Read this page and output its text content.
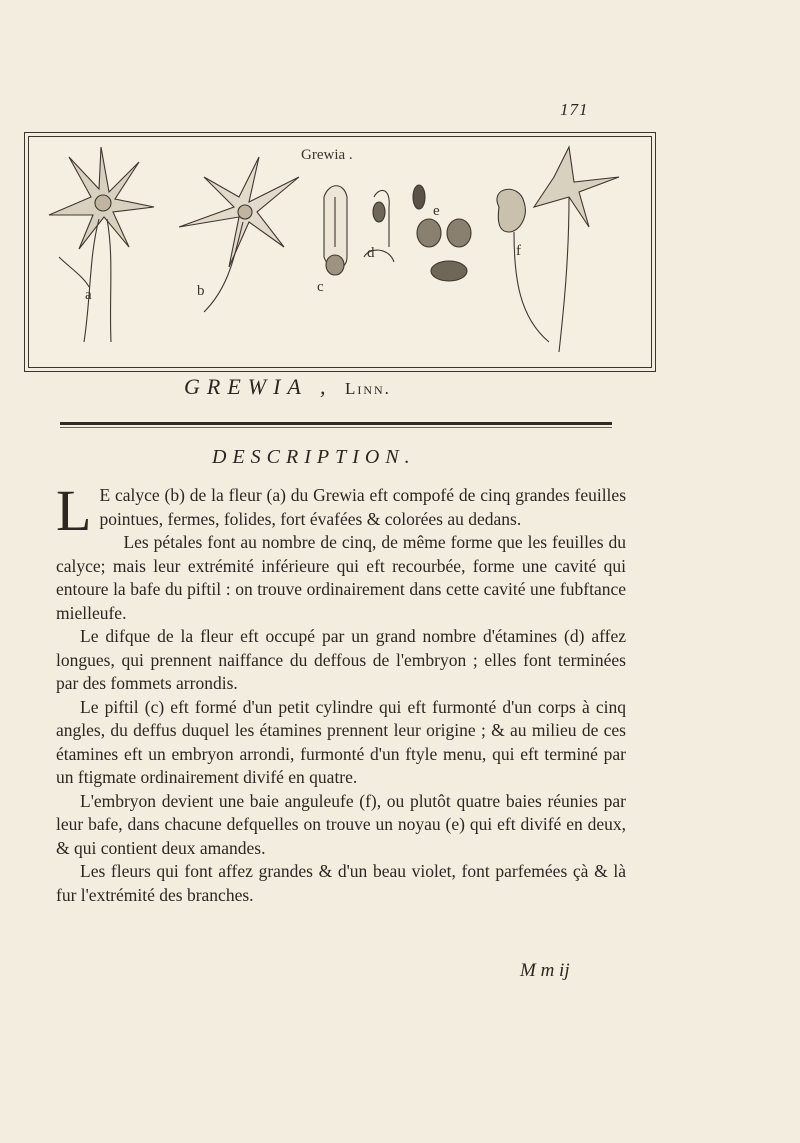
171
Grewia .
a	b	c
d
e
f
GREWIA , Linn.
DESCRIPTION.

L E calyce (b) de la fleur (a) du Grewia eft compofé de cinq grandes feuilles pointues, fermes, folides, fort évafées & colorées au dedans.

Les pétales font au nombre de cinq, de même forme que les feuilles du calyce; mais leur extrémité inférieure qui eft recourbée, forme une cavité qui entoure la bafe du piftil : on trouve ordinairement dans cette cavité une fubftance mielleufe.

Le difque de la fleur eft occupé par un grand nombre d'étamines (d) affez longues, qui prennent naiffance du deffous de l'embryon ; elles font terminées par des fommets arrondis.

Le piftil (c) eft formé d'un petit cylindre qui eft furmonté d'un corps à cinq angles, du deffus duquel les étamines prennent leur origine ; & au milieu de ces étamines eft un embryon arrondi, furmonté d'un ftyle menu, qui eft terminé par un ftigmate ordinairement divifé en quatre.

L'embryon devient une baie anguleufe (f), ou plutôt quatre baies réunies par leur bafe, dans chacune defquelles on trouve un noyau (e) qui eft divifé en deux, & qui contient deux amandes.

Les fleurs qui font affez grandes & d'un beau violet, font parfemées çà & là fur l'extrémité des branches.

M m ij
